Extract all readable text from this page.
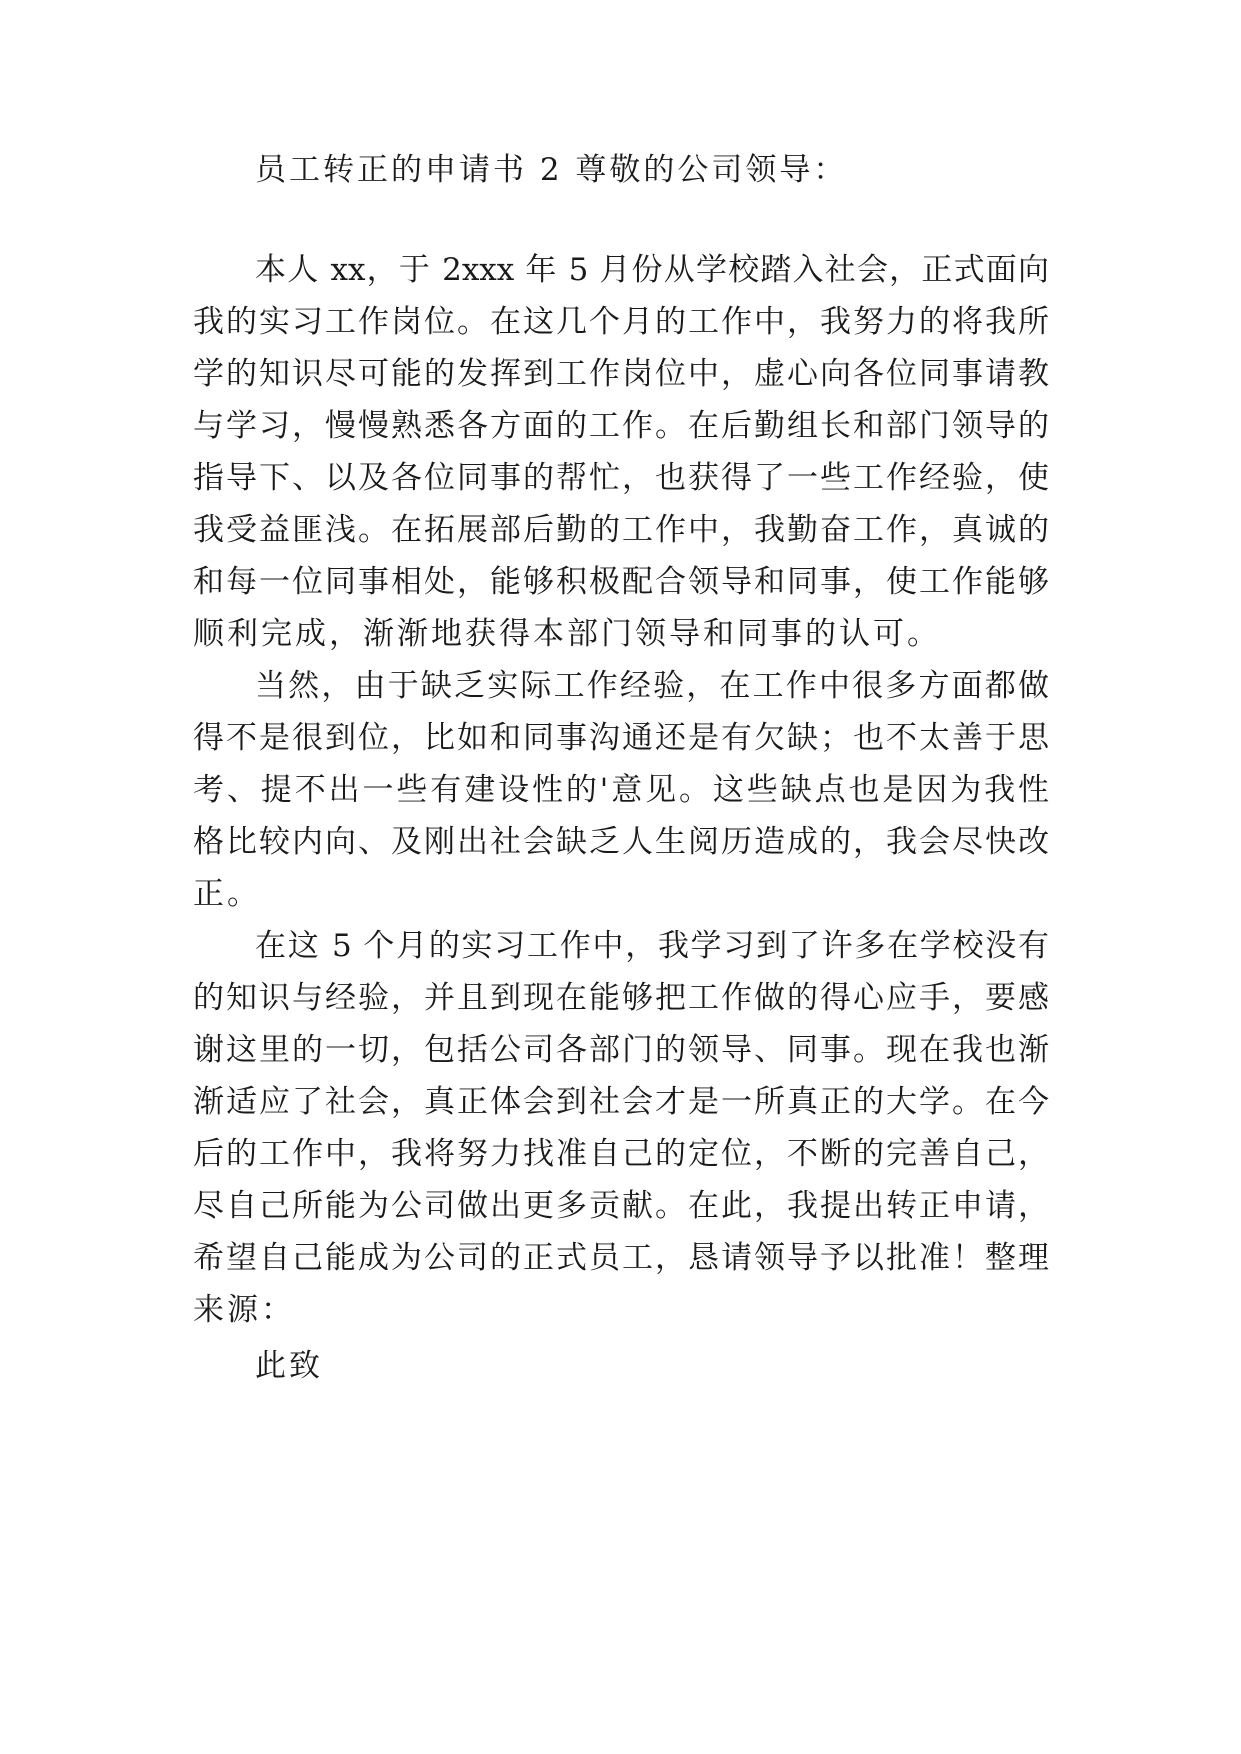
员工转正的申请书 2 尊敬的公司领导：
本人 xx，于 2xxx 年 5 月份从学校踏入社会，正式面向
我的实习工作岗位。在这几个月的工作中，我努力的将我所
学的知识尽可能的发挥到工作岗位中，虚心向各位同事请教
与学习，慢慢熟悉各方面的工作。在后勤组长和部门领导的
指导下、以及各位同事的帮忙，也获得了一些工作经验，使
我受益匪浅。在拓展部后勤的工作中，我勤奋工作，真诚的
和每一位同事相处，能够积极配合领导和同事，使工作能够
顺利完成，渐渐地获得本部门领导和同事的认可。
当然，由于缺乏实际工作经验，在工作中很多方面都做
得不是很到位，比如和同事沟通还是有欠缺；也不太善于思
考、提不出一些有建设性的'意见。这些缺点也是因为我性
格比较内向、及刚出社会缺乏人生阅历造成的，我会尽快改
正。
在这 5 个月的实习工作中，我学习到了许多在学校没有
的知识与经验，并且到现在能够把工作做的得心应手，要感
谢这里的一切，包括公司各部门的领导、同事。现在我也渐
渐适应了社会，真正体会到社会才是一所真正的大学。在今
后的工作中，我将努力找准自己的定位，不断的完善自己，
尽自己所能为公司做出更多贡献。在此，我提出转正申请，
希望自己能成为公司的正式员工，恳请领导予以批准！整理
来源：
此致
